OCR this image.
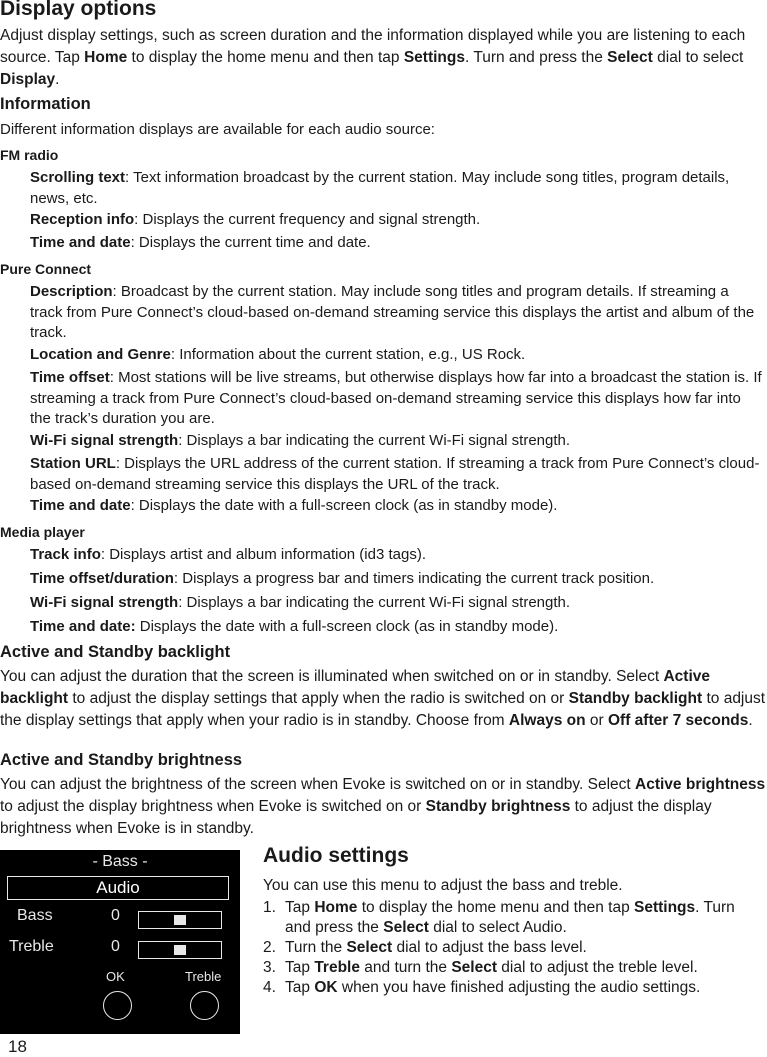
Display options

Adjust display settings, such as screen duration and the information displayed while you are listening to each source. Tap Home to display the home menu and then tap Settings. Turn and press the Select dial to select Display.

Information

Different information displays are available for each audio source:

FM radio

Scrolling text: Text information broadcast by the current station. May include song titles, program details, news, etc.

Reception info: Displays the current frequency and signal strength.

Time and date: Displays the current time and date.

Pure Connect

Description: Broadcast by the current station. May include song titles and program details. If streaming a track from Pure Connect’s cloud-based on-demand streaming service this displays the artist and album of the track.

Location and Genre: Information about the current station, e.g., US Rock.

Time offset: Most stations will be live streams, but otherwise displays how far into a broadcast the station is. If streaming a track from Pure Connect’s cloud-based on-demand streaming service this displays how far into the track’s duration you are.

Wi-Fi signal strength: Displays a bar indicating the current Wi-Fi signal strength.

Station URL: Displays the URL address of the current station. If streaming a track from Pure Connect’s cloud-based on-demand streaming service this displays the URL of the track.

Time and date: Displays the date with a full-screen clock (as in standby mode).

Media player

Track info: Displays artist and album information (id3 tags).

Time offset/duration: Displays a progress bar and timers indicating the current track position.

Wi-Fi signal strength: Displays a bar indicating the current Wi-Fi signal strength.

Time and date: Displays the date with a full-screen clock (as in standby mode).

Active and Standby backlight

You can adjust the duration that the screen is illuminated when switched on or in standby. Select Active backlight to adjust the display settings that apply when the radio is switched on or Standby backlight to adjust the display settings that apply when your radio is in standby. Choose from Always on or Off after 7 seconds.

Active and Standby brightness

You can adjust the brightness of the screen when Evoke is switched on or in standby. Select Active brightness to adjust the display brightness when Evoke is switched on or Standby brightness to adjust the display brightness when Evoke is in standby.

- Bass -
Audio
Bass	0
Treble	0
OK	Treble
Audio settings

You can use this menu to adjust the bass and treble.

1. Tap Home to display the home menu and then tap Settings. Turn and press the Select dial to select Audio.
2. Turn the Select dial to adjust the bass level.
3. Tap Treble and turn the Select dial to adjust the treble level.
4. Tap OK when you have finished adjusting the audio settings.
18
